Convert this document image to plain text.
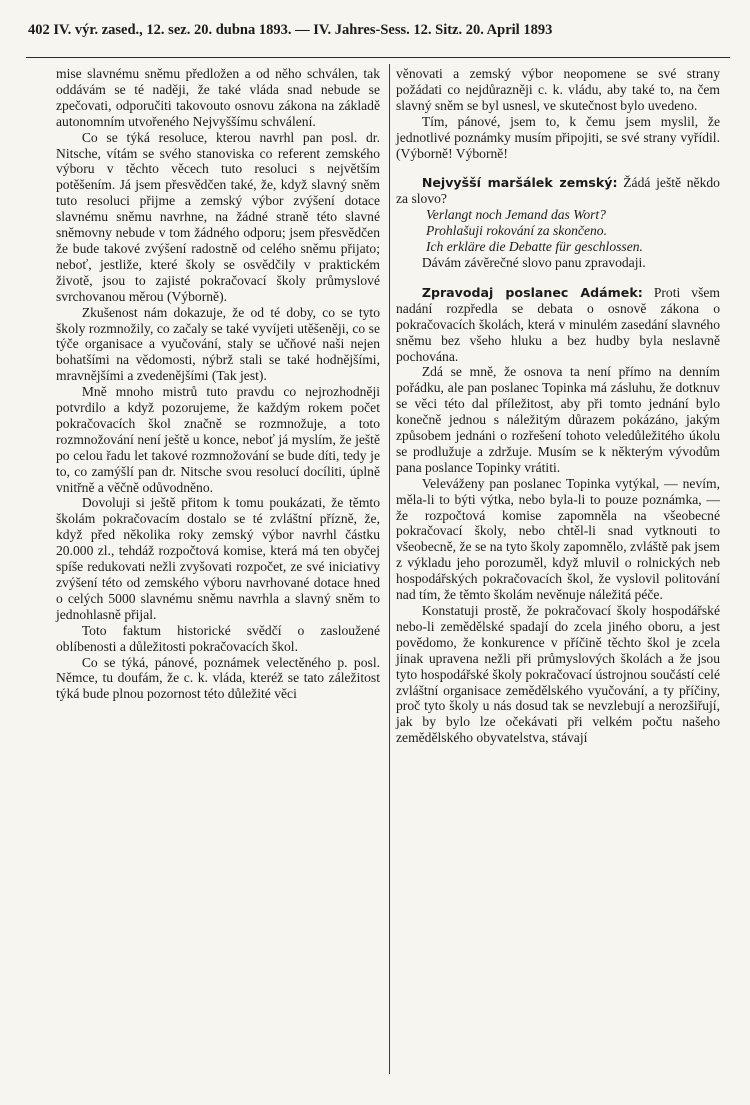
402 IV. výr. zased., 12. sez. 20. dubna 1893. — IV. Jahres-Sess. 12. Sitz. 20. April 1893

mise slavnému sněmu předložen a od něho schválen, tak oddávám se té naději, že také vláda snad nebude se zpečovati, odporučiti takovouto osnovu zákona na základě autonomním utvořeného Nejvyššímu schválení.

Co se týká resoluce, kterou navrhl pan posl. dr. Nitsche, vítám se svého stanoviska co referent zemského výboru v těchto věcech tuto resoluci s největším potěšením. Já jsem přesvědčen také, že, když slavný sněm tuto resoluci přijme a zemský výbor zvýšení dotace slavnému sněmu navrhne, na žádné straně této slavné sněmovny nebude v tom žádného odporu; jsem přesvědčen že bude takové zvýšení radostně od celého sněmu přijato; neboť, jestliže, které školy se osvědčily v praktickém životě, jsou to zajisté pokračovací školy průmyslové svrchovanou měrou (Výborně).

Zkušenost nám dokazuje, že od té doby, co se tyto školy rozmnožily, co začaly se také vyvíjeti utěšeněji, co se týče organisace a vyučování, staly se učňové naši nejen bohatšími na vědomosti, nýbrž stali se také hodnějšími, mravnějšími a zvedenějšími (Tak jest).

Mně mnoho mistrů tuto pravdu co nejrozhodněji potvrdilo a když pozorujeme, že každým rokem počet pokračovacích škol značně se rozmnožuje, a toto rozmnožování není ještě u konce, neboť já myslím, že ještě po celou řadu let takové rozmnožování se bude díti, tedy je to, co zamýšlí pan dr. Nitsche svou resolucí docíliti, úplně vnitřně a věčně odůvodněno.

Dovoluji si ještě přitom k tomu poukázati, že těmto školám pokračovacím dostalo se té zvláštní přízně, že, když před několika roky zemský výbor navrhl částku 20.000 zl., tehdáž rozpočtová komise, která má ten obyčej spíše redukovati nežli zvyšovati rozpočet, ze své iniciativy zvýšení této od zemského výboru navrhované dotace hned o celých 5000 slavnému sněmu navrhla a slavný sněm to jednohlasně přijal.

Toto faktum historické svědčí o zasloužené oblíbenosti a důležitosti pokračovacích škol.

Co se týká, pánové, poznámek velectěného p. posl. Němce, tu doufám, že c. k. vláda, kteréž se tato záležitost týká bude plnou pozornost této důležité věci

věnovati a zemský výbor neopomene se své strany požádati co nejdůrazněji c. k. vládu, aby také to, na čem slavný sněm se byl usnesl, ve skutečnost bylo uvedeno.

Tím, pánové, jsem to, k čemu jsem myslil, že jednotlivé poznámky musím připojiti, se své strany vyřídil. (Výborně! Výborně!

Nejvyšší maršálek zemský: Žádá ještě někdo za slovo?

Verlangt noch Jemand das Wort?
Prohlašuji rokování za skončeno.
Ich erkläre die Debatte für geschlossen.

Dávám závěrečné slovo panu zpravodaji.

Zpravodaj poslanec Adámek: Proti všem nadání rozpředla se debata o osnově zákona o pokračovacích školách, která v minulém zasedání slavného sněmu bez všeho hluku a bez hudby byla neslavně pochována.

Zdá se mně, že osnova ta není přímo na denním pořádku, ale pan poslanec Topinka má zásluhu, že dotknuv se věci této dal příležitost, aby při tomto jednání bylo konečně jednou s náležitým důrazem pokázáno, jakým způsobem jednáni o rozřešení tohoto veledůležitého úkolu se prodlužuje a zdržuje. Musím se k některým vývodům pana poslance Topinky vrátiti.

Veleváženy pan poslanec Topinka vytýkal, — nevím, měla-li to býti výtka, nebo byla-li to pouze poznámka, — že rozpočtová komise zapomněla na všeobecné pokračovací školy, nebo chtěl-li snad vytknouti to všeobecně, že se na tyto školy zapomnělo, zvláště pak jsem z výkladu jeho porozuměl, když mluvil o rolnických neb hospodářských pokračovacích škol, že vyslovil politování nad tím, že těmto školám nevěnuje náležitá péče.

Konstatuji prostě, že pokračovací školy hospodářské nebo-li zemědělské spadají do zcela jiného oboru, a jest povědomo, že konkurence v příčině těchto škol je zcela jinak upravena nežli při průmyslových školách a že jsou tyto hospodářské školy pokračovací ústrojnou součástí celé zvláštní organisace zemědělského vyučování, a ty příčiny, proč tyto školy u nás dosud tak se nevzlebují a nerozšiřují, jak by bylo lze očekávati při velkém počtu našeho zemědělského obyvatelstva, stávají
